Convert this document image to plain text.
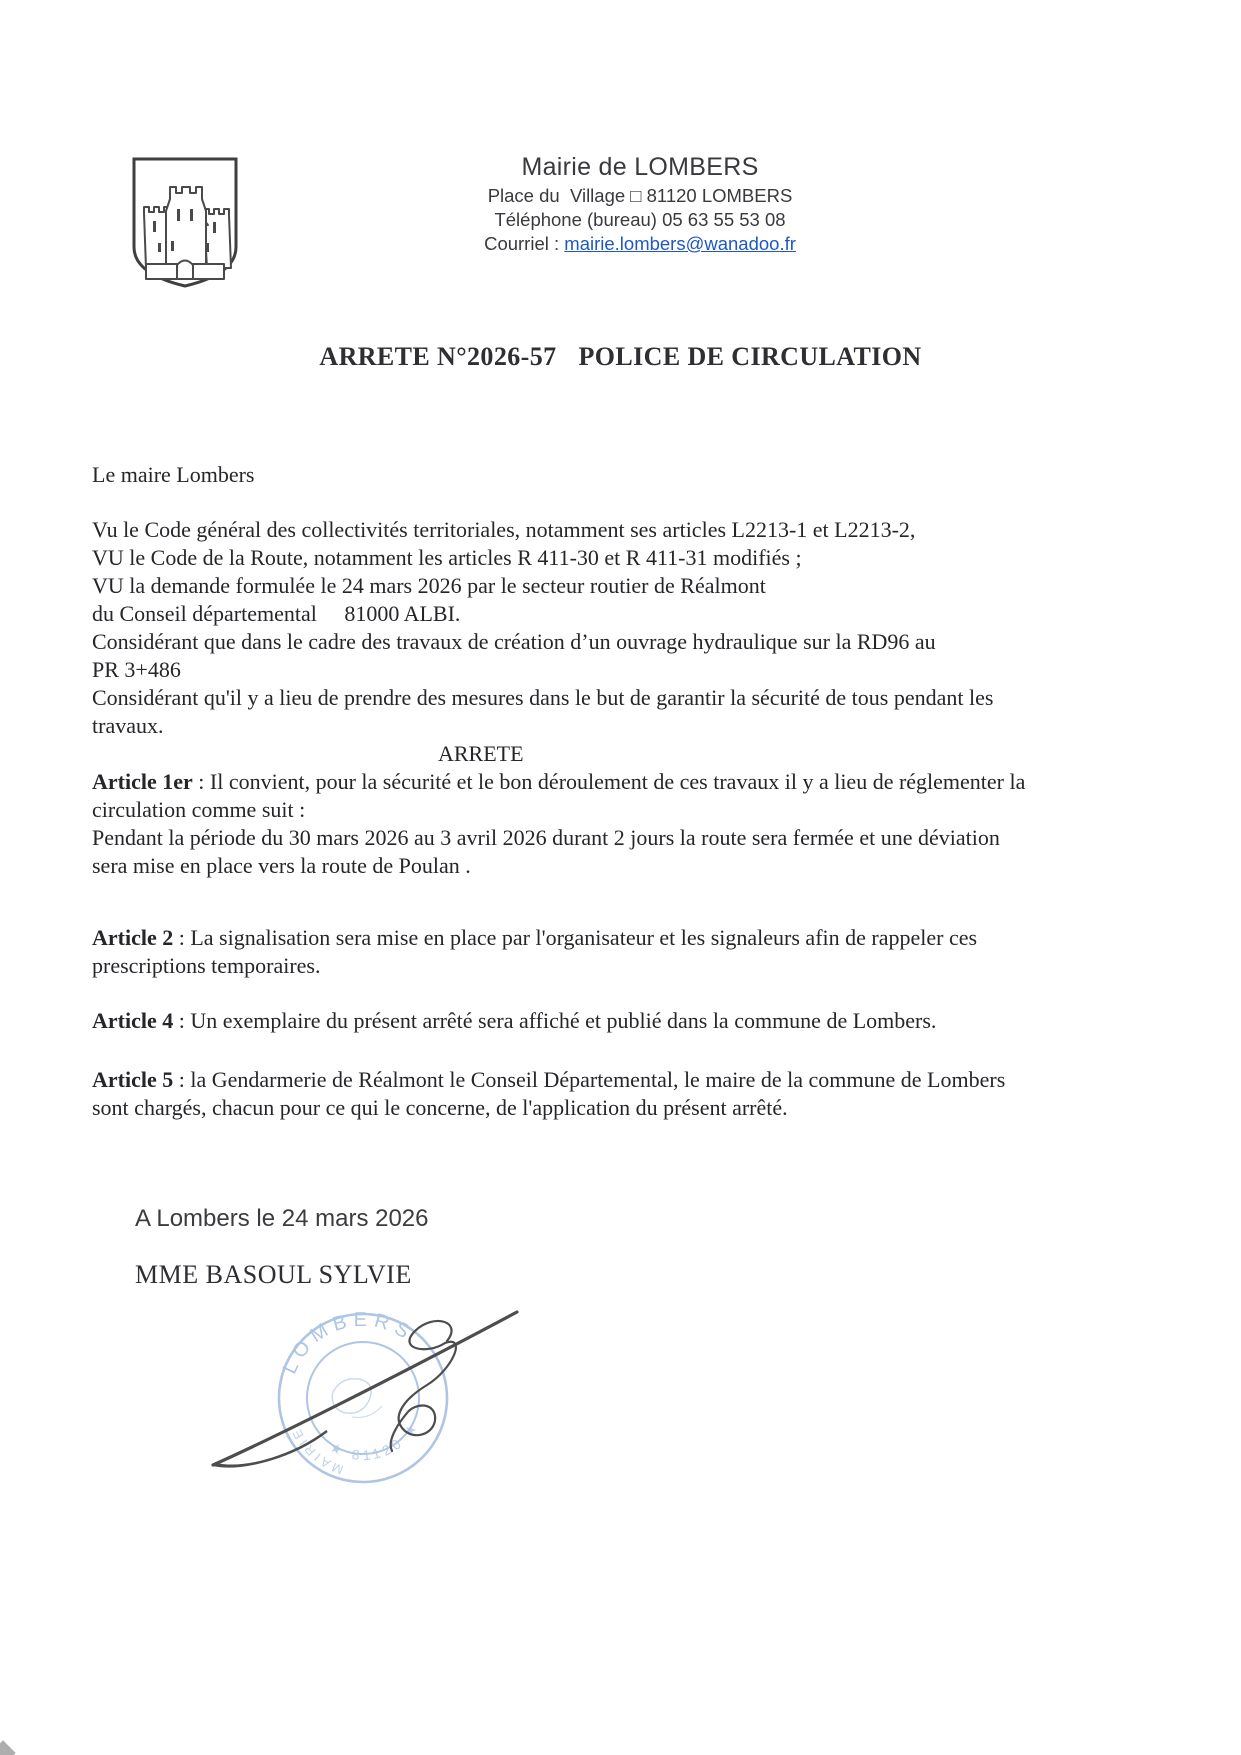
Mairie de LOMBERS
Place du  Village □ 81120 LOMBERS
Téléphone (bureau) 05 63 55 53 08
Courriel : mairie.lombers@wanadoo.fr
ARRETE N°2026-57 POLICE DE CIRCULATION
Le maire Lombers
Vu le Code général des collectivités territoriales, notamment ses articles L2213-1 et L2213-2,
VU le Code de la Route, notamment les articles R 411-30 et R 411-31 modifiés ;
VU la demande formulée le 24 mars 2026 par le secteur routier de Réalmont
du Conseil départemental     81000 ALBI.
Considérant que dans le cadre des travaux de création d’un ouvrage hydraulique sur la RD96 au
PR 3+486
Considérant qu'il y a lieu de prendre des mesures dans le but de garantir la sécurité de tous pendant les
travaux.
ARRETE
Article 1er : Il convient, pour la sécurité et le bon déroulement de ces travaux il y a lieu de réglementer la
circulation comme suit :
Pendant la période du 30 mars 2026 au 3 avril 2026 durant 2 jours la route sera fermée et une déviation
sera mise en place vers la route de Poulan .
Article 2 : La signalisation sera mise en place par l'organisateur et les signaleurs afin de rappeler ces
prescriptions temporaires.
Article 4 : Un exemplaire du présent arrêté sera affiché et publié dans la commune de Lombers.
Article 5 : la Gendarmerie de Réalmont le Conseil Départemental, le maire de la commune de Lombers
sont chargés, chacun pour ce qui le concerne, de l'application du présent arrêté.
A Lombers le 24 mars 2026
MME BASOUL SYLVIE
LOMBERS
★ 81120 ★
MAIRIE
